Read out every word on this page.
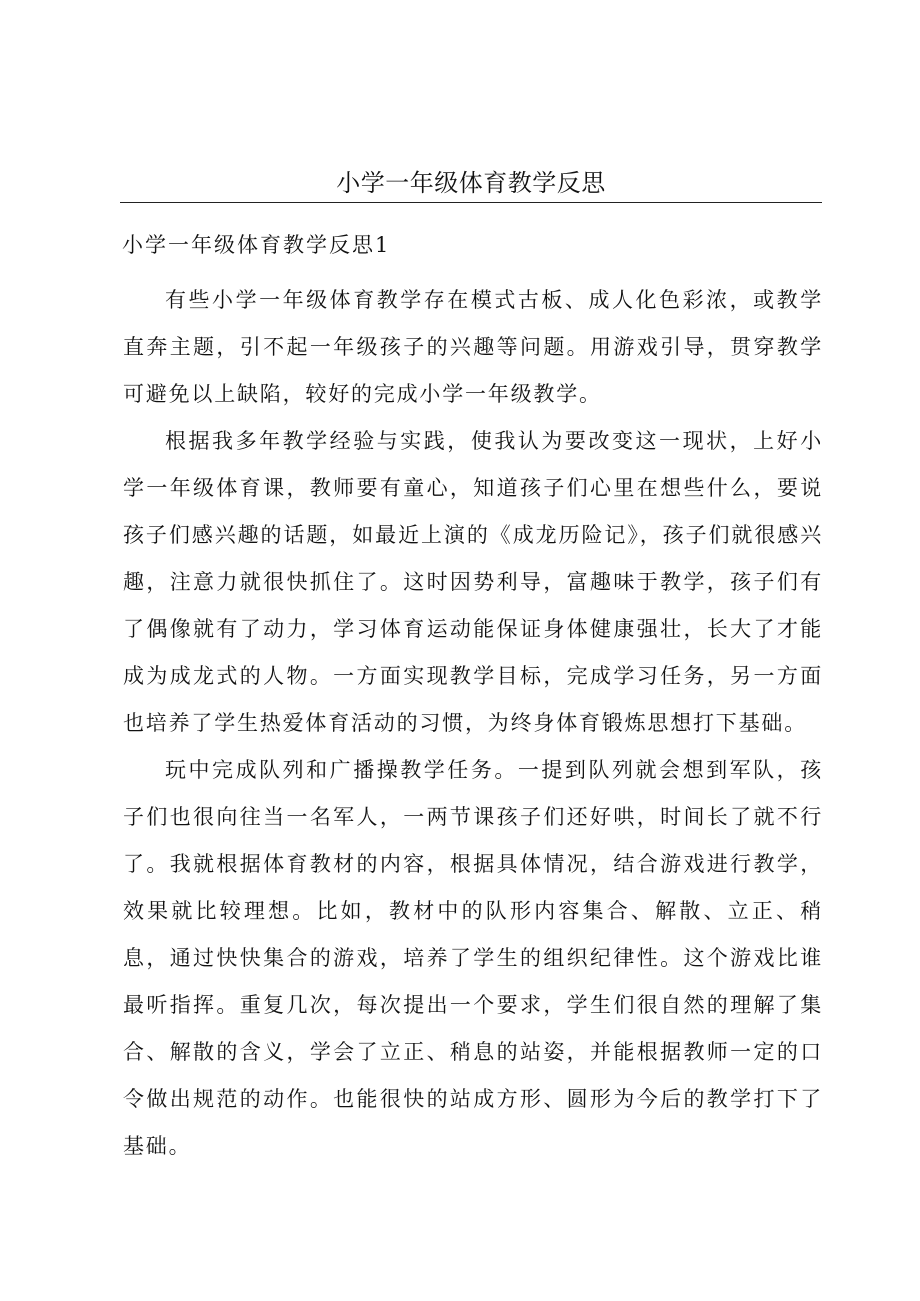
小学一年级体育教学反思
小学一年级体育教学反思1

有些小学一年级体育教学存在模式古板、成人化色彩浓，或教学直奔主题，引不起一年级孩子的兴趣等问题。用游戏引导，贯穿教学可避免以上缺陷，较好的完成小学一年级教学。

根据我多年教学经验与实践，使我认为要改变这一现状，上好小学一年级体育课，教师要有童心，知道孩子们心里在想些什么，要说孩子们感兴趣的话题，如最近上演的《成龙历险记》，孩子们就很感兴趣，注意力就很快抓住了。这时因势利导，富趣味于教学，孩子们有了偶像就有了动力，学习体育运动能保证身体健康强壮，长大了才能成为成龙式的人物。一方面实现教学目标，完成学习任务，另一方面也培养了学生热爱体育活动的习惯，为终身体育锻炼思想打下基础。

玩中完成队列和广播操教学任务。一提到队列就会想到军队，孩子们也很向往当一名军人，一两节课孩子们还好哄，时间长了就不行了。我就根据体育教材的内容，根据具体情况，结合游戏进行教学，效果就比较理想。比如，教材中的队形内容集合、解散、立正、稍息，通过快快集合的游戏，培养了学生的组织纪律性。这个游戏比谁最听指挥。重复几次，每次提出一个要求，学生们很自然的理解了集合、解散的含义，学会了立正、稍息的站姿，并能根据教师一定的口令做出规范的动作。也能很快的站成方形、圆形为今后的教学打下了基础。
